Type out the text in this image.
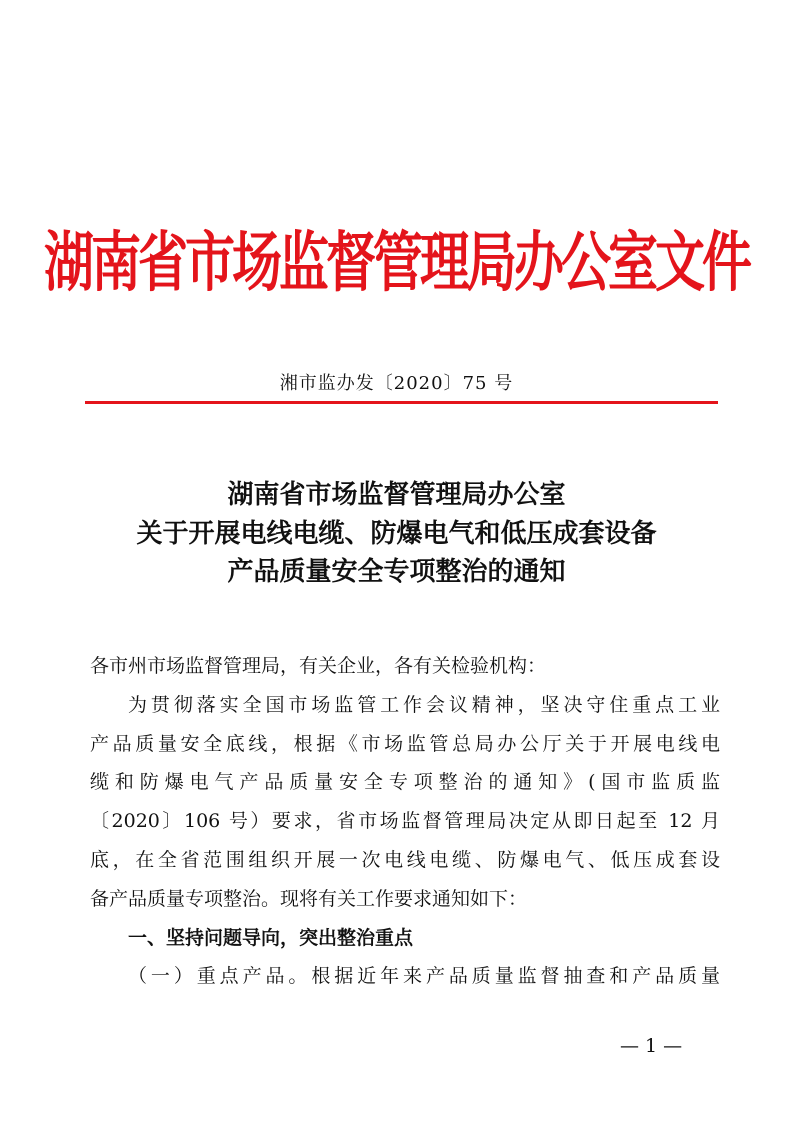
湖南省市场监督管理局办公室文件
湘市监办发〔2020〕75 号
湖南省市场监督管理局办公室
关于开展电线电缆、防爆电气和低压成套设备
产品质量安全专项整治的通知
各市州市场监督管理局，有关企业，各有关检验机构：
为贯彻落实全国市场监管工作会议精神，坚决守住重点工业
产品质量安全底线，根据《市场监管总局办公厅关于开展电线电
缆和防爆电气产品质量安全专项整治的通知》(国市监质监
〔2020〕106 号）要求，省市场监督管理局决定从即日起至 12 月
底，在全省范围组织开展一次电线电缆、防爆电气、低压成套设
备产品质量专项整治。现将有关工作要求通知如下：
一、坚持问题导向，突出整治重点
（一）重点产品。根据近年来产品质量监督抽查和产品质量
— 1 —
